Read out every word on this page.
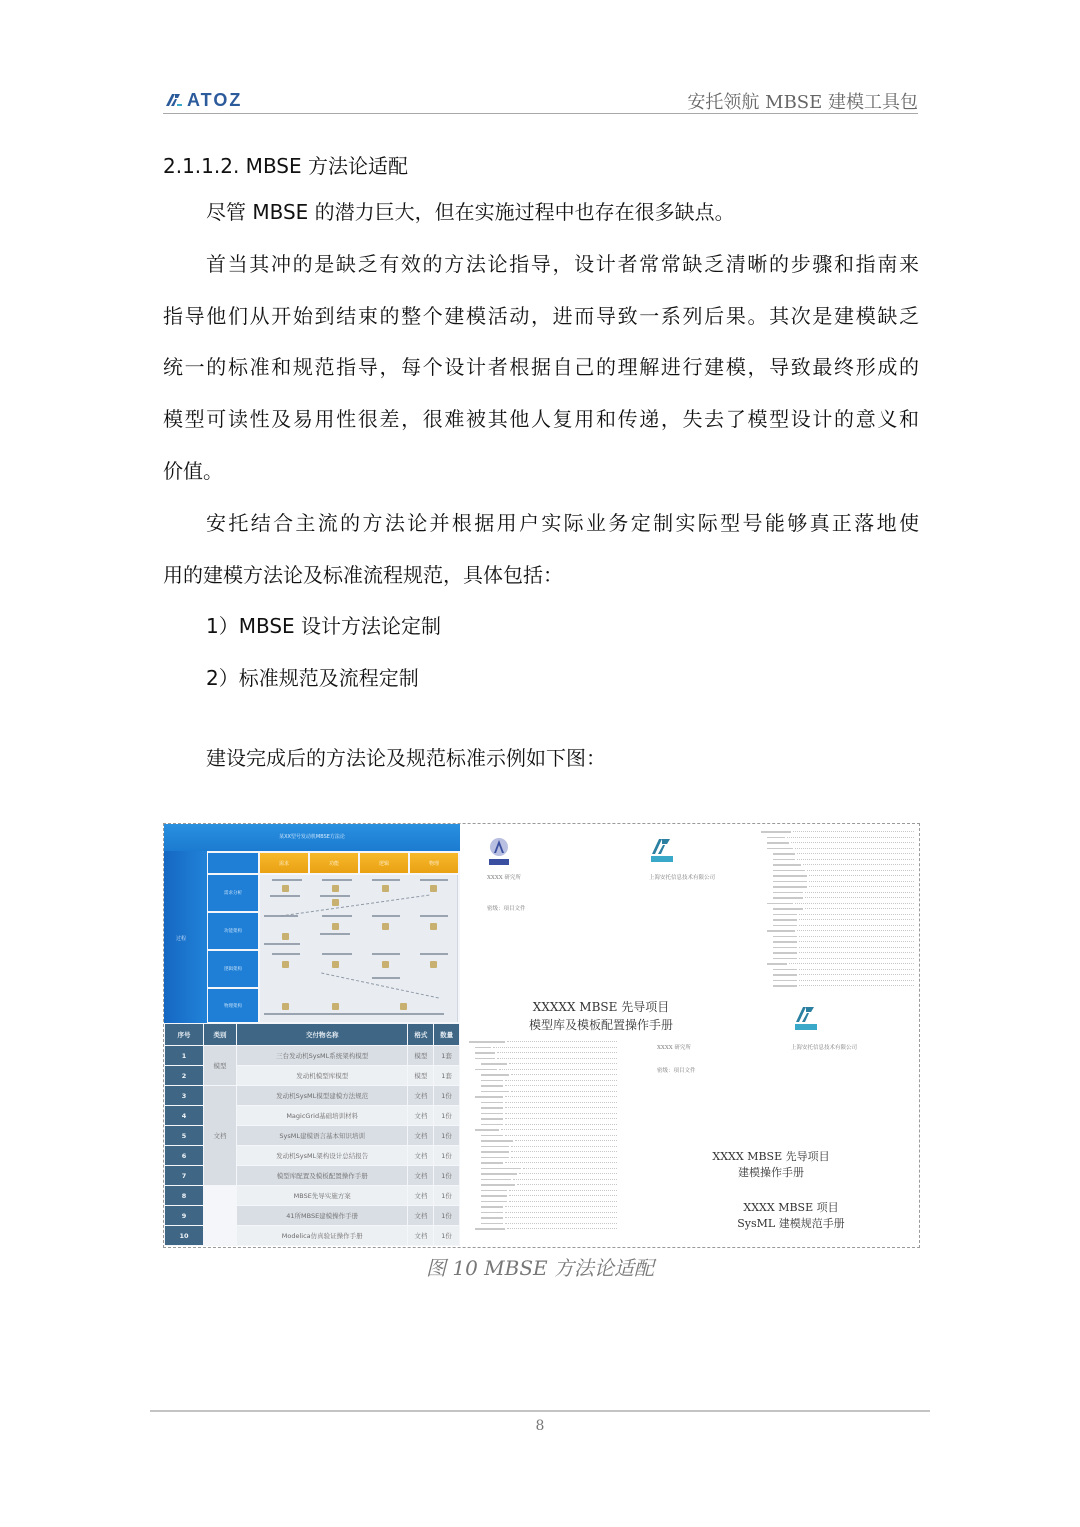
ATOZ	安托领航 MBSE 建模工具包
2.1.1.2. MBSE 方法论适配
尽管 MBSE 的潜力巨大，但在实施过程中也存在很多缺点。
首当其冲的是缺乏有效的方法论指导，设计者常常缺乏清晰的步骤和指南来
指导他们从开始到结束的整个建模活动，进而导致一系列后果。其次是建模缺乏
统一的标准和规范指导，每个设计者根据自己的理解进行建模，导致最终形成的
模型可读性及易用性很差，很难被其他人复用和传递，失去了模型设计的意义和
价值。
安托结合主流的方法论并根据用户实际业务定制实际型号能够真正落地使
用的建模方法论及标准流程规范，具体包括：
1）MBSE 设计方法论定制
2）标准规范及流程定制
建设完成后的方法论及规范标准示例如下图：
某XX型号发动机MBSE方法论
过程
需求分析
功能架构
逻辑架构
物理架构
需求	功能	逻辑	物理
序号	类别	交付物名称	格式	数量
1	模型	三台发动机SysML系统架构模型	模型	1套
2		发动机模型库模型	模型	1套
3	文档	发动机SysML模型建模方法规范	文档	1份
4		MagicGrid基础培训材料	文档	1份
5		SysML建模语言基本知识培训	文档	1份
6		发动机SysML架构设计总结报告	文档	1份
7		模型库配置及模板配置操作手册	文档	1份
8		MBSE先导实施方案	文档	1份
9		41所MBSE建模操作手册	文档	1份
10		Modelica仿真验证操作手册	文档	1份
XXXX 研究所	上海安托信息技术有限公司
密级：项目文件
XXXXX MBSE 先导项目
模型库及模板配置操作手册
XXXX 研究所	上海安托信息技术有限公司
密级：项目文件
XXXX MBSE 先导项目
建模操作手册
XXXX MBSE 项目
SysML 建模规范手册
图 10 MBSE 方法论适配
8
